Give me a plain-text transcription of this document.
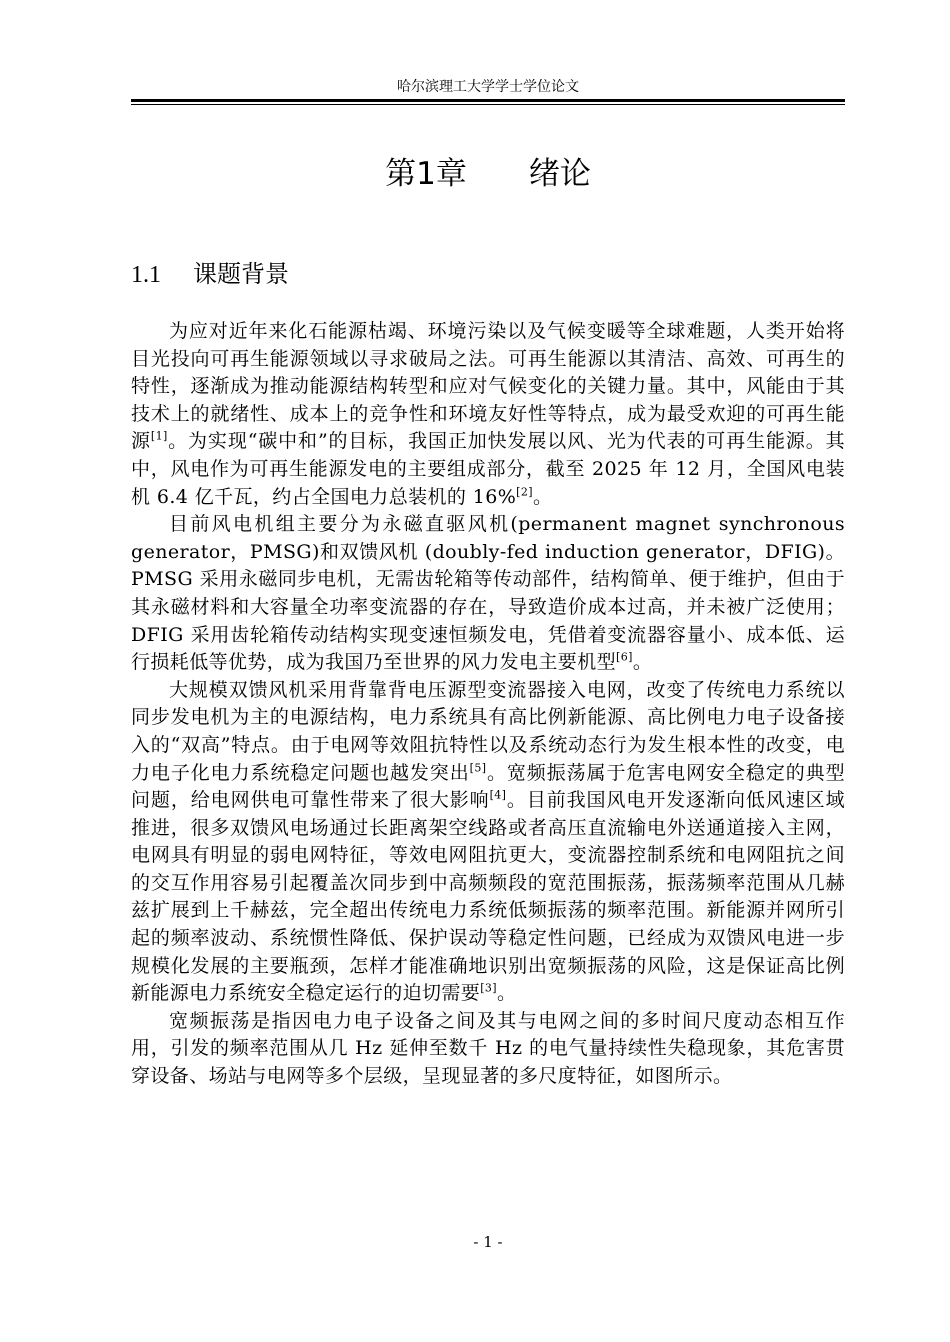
哈尔滨理工大学学士学位论文
第1章　　绪论
1.1 课题背景

为应对近年来化石能源枯竭、环境污染以及气候变暖等全球难题，人类开始将目光投向可再生能源领域以寻求破局之法。可再生能源以其清洁、高效、可再生的特性，逐渐成为推动能源结构转型和应对气候变化的关键力量。其中，风能由于其技术上的就绪性、成本上的竞争性和环境友好性等特点，成为最受欢迎的可再生能源[1]。为实现“碳中和”的目标，我国正加快发展以风、光为代表的可再生能源。其中，风电作为可再生能源发电的主要组成部分，截至 2025 年 12 月，全国风电装机 6.4 亿千瓦，约占全国电力总装机的 16%[2]。

目前风电机组主要分为永磁直驱风机(permanent magnet synchronous generator，PMSG)和双馈风机 (doubly-fed induction generator，DFIG)。PMSG 采用永磁同步电机，无需齿轮箱等传动部件，结构简单、便于维护，但由于其永磁材料和大容量全功率变流器的存在，导致造价成本过高，并未被广泛使用；DFIG 采用齿轮箱传动结构实现变速恒频发电，凭借着变流器容量小、成本低、运行损耗低等优势，成为我国乃至世界的风力发电主要机型[6]。

大规模双馈风机采用背靠背电压源型变流器接入电网，改变了传统电力系统以同步发电机为主的电源结构，电力系统具有高比例新能源、高比例电力电子设备接入的“双高”特点。由于电网等效阻抗特性以及系统动态行为发生根本性的改变，电力电子化电力系统稳定问题也越发突出[5]。宽频振荡属于危害电网安全稳定的典型问题，给电网供电可靠性带来了很大影响[4]。目前我国风电开发逐渐向低风速区域推进，很多双馈风电场通过长距离架空线路或者高压直流输电外送通道接入主网，电网具有明显的弱电网特征，等效电网阻抗更大，变流器控制系统和电网阻抗之间的交互作用容易引起覆盖次同步到中高频频段的宽范围振荡，振荡频率范围从几赫兹扩展到上千赫兹，完全超出传统电力系统低频振荡的频率范围。新能源并网所引起的频率波动、系统惯性降低、保护误动等稳定性问题，已经成为双馈风电进一步规模化发展的主要瓶颈，怎样才能准确地识别出宽频振荡的风险，这是保证高比例新能源电力系统安全稳定运行的迫切需要[3]。

宽频振荡是指因电力电子设备之间及其与电网之间的多时间尺度动态相互作用，引发的频率范围从几 Hz 延伸至数千 Hz 的电气量持续性失稳现象，其危害贯穿设备、场站与电网等多个层级，呈现显著的多尺度特征，如图所示。

- 1 -
